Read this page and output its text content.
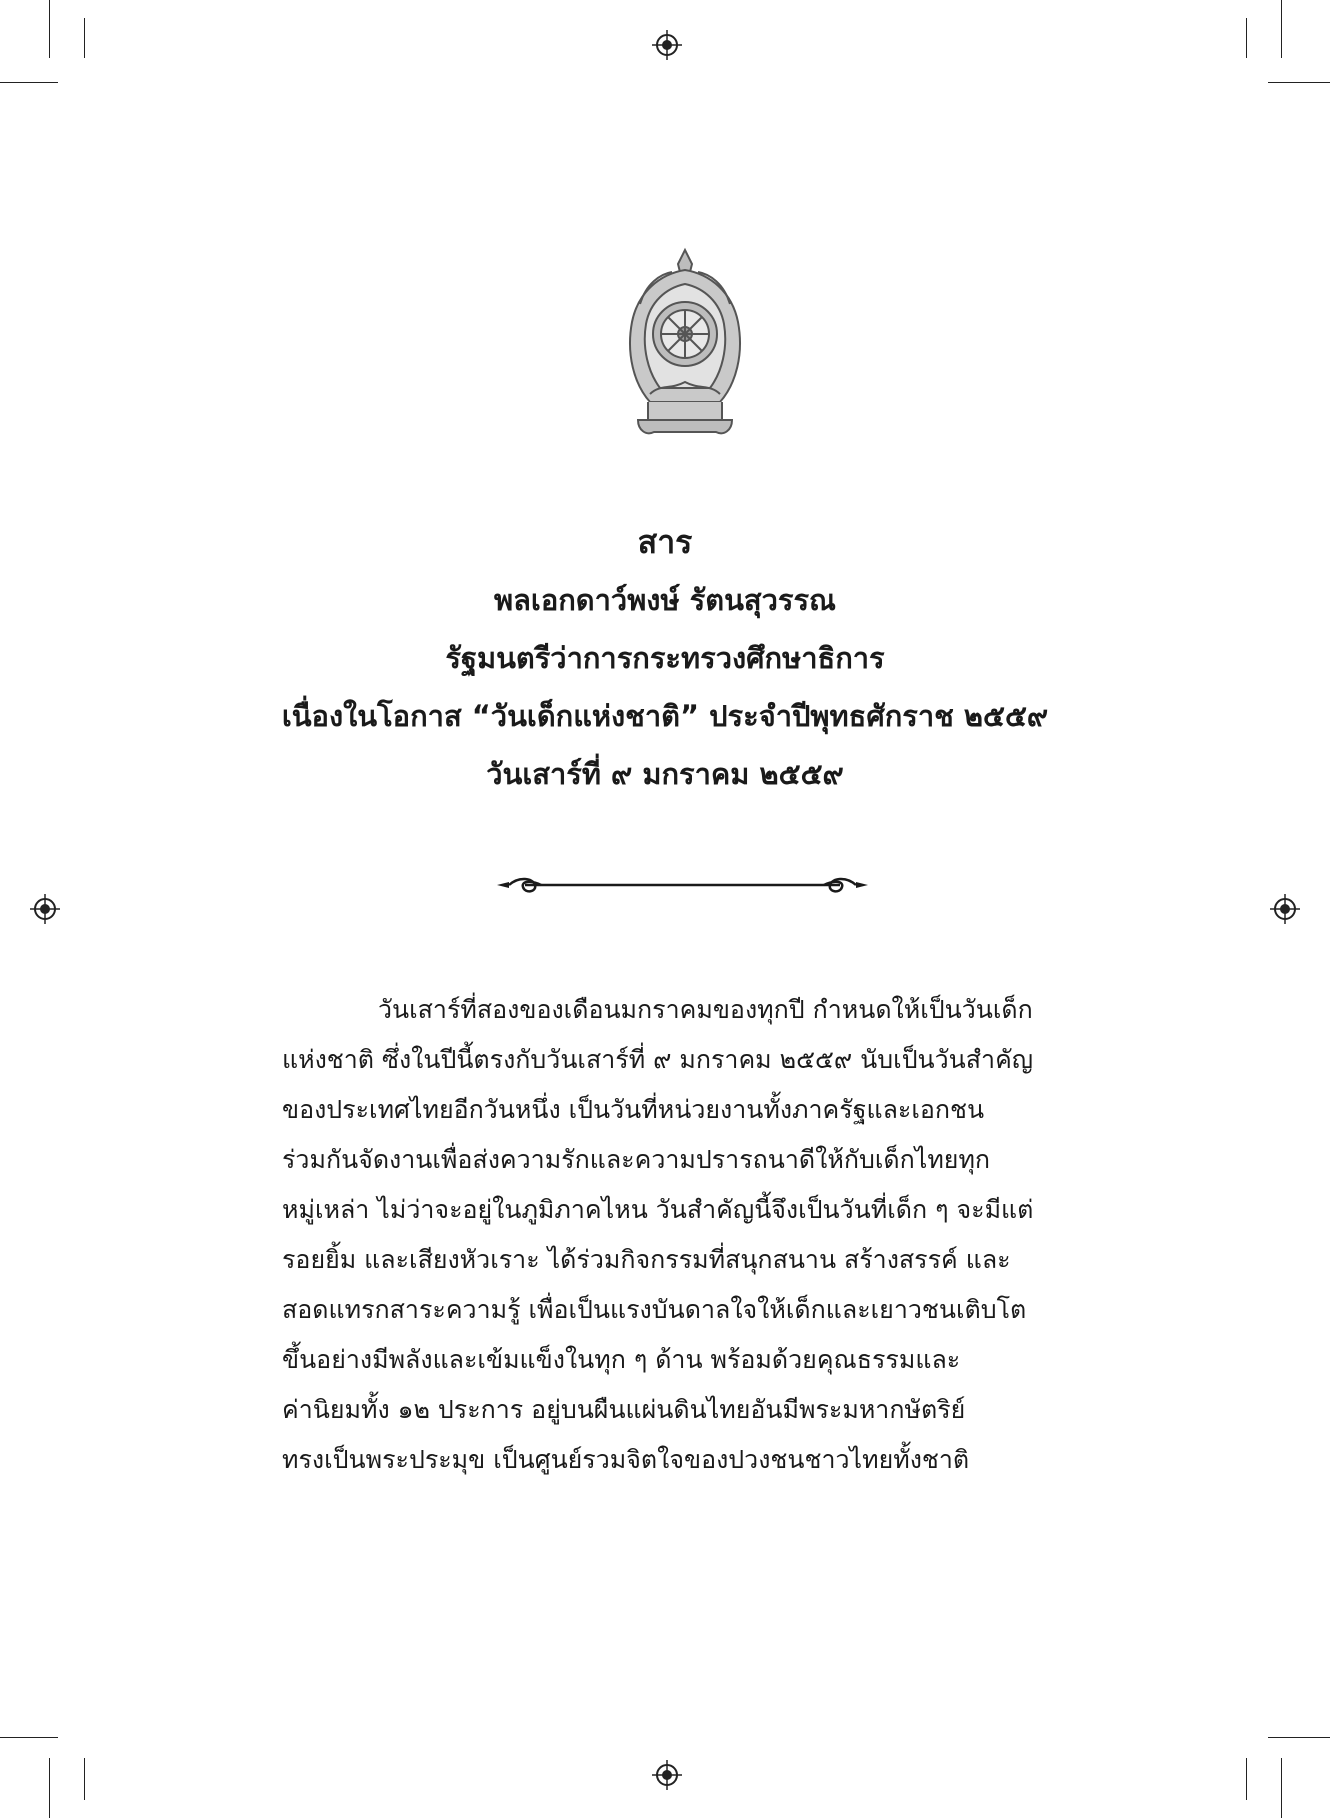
สาร
พลเอกดาว์พงษ์ รัตนสุวรรณ
รัฐมนตรีว่าการกระทรวงศึกษาธิการ
เนื่องในโอกาส “วันเด็กแห่งชาติ” ประจำปีพุทธศักราช ๒๕๕๙
วันเสาร์ที่ ๙ มกราคม ๒๕๕๙
วันเสาร์ที่สองของเดือนมกราคมของทุกปี กำหนดให้เป็นวันเด็ก
แห่งชาติ ซึ่งในปีนี้ตรงกับวันเสาร์ที่ ๙ มกราคม ๒๕๕๙ นับเป็นวันสำคัญ
ของประเทศไทยอีกวันหนึ่ง เป็นวันที่หน่วยงานทั้งภาครัฐและเอกชน
ร่วมกันจัดงานเพื่อส่งความรักและความปรารถนาดีให้กับเด็กไทยทุก
หมู่เหล่า ไม่ว่าจะอยู่ในภูมิภาคไหน วันสำคัญนี้จึงเป็นวันที่เด็ก ๆ จะมีแต่
รอยยิ้ม และเสียงหัวเราะ ได้ร่วมกิจกรรมที่สนุกสนาน สร้างสรรค์ และ
สอดแทรกสาระความรู้ เพื่อเป็นแรงบันดาลใจให้เด็กและเยาวชนเติบโต
ขึ้นอย่างมีพลังและเข้มแข็งในทุก ๆ ด้าน พร้อมด้วยคุณธรรมและ
ค่านิยมทั้ง ๑๒ ประการ อยู่บนผืนแผ่นดินไทยอันมีพระมหากษัตริย์
ทรงเป็นพระประมุข เป็นศูนย์รวมจิตใจของปวงชนชาวไทยทั้งชาติ
